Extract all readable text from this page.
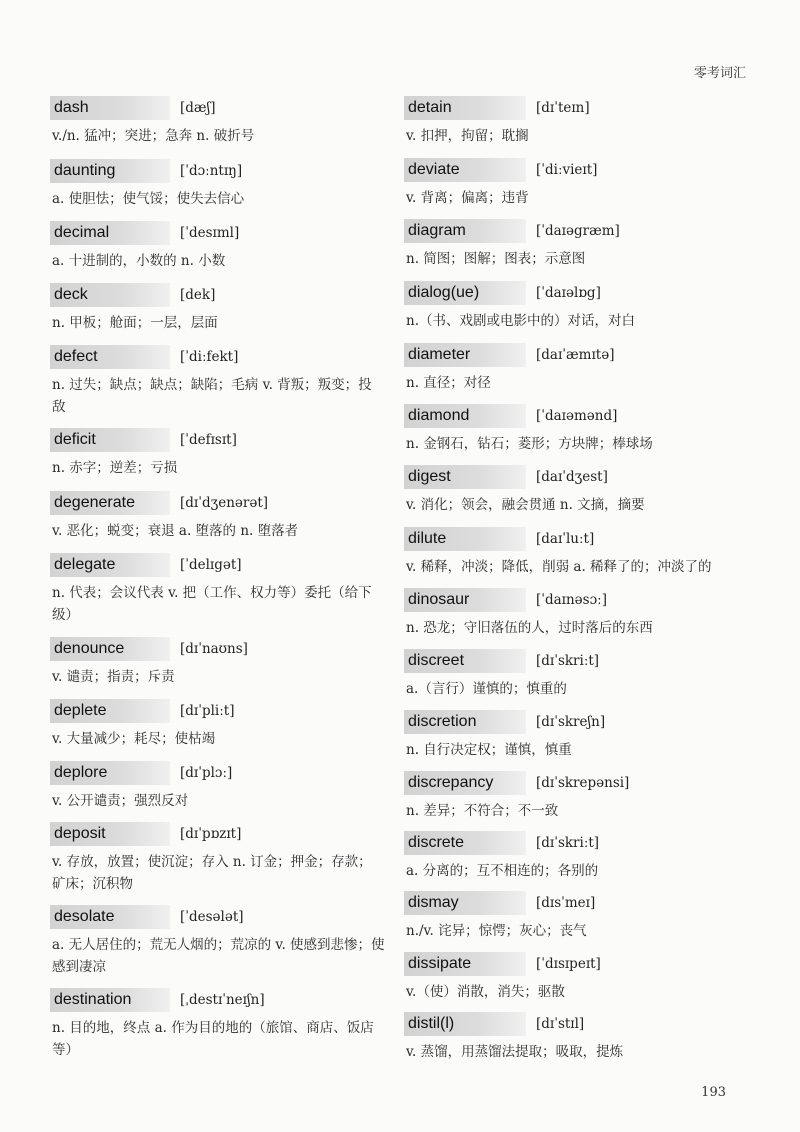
零考词汇
dash	[dæʃ]
v./n. 猛冲；突进；急奔 n. 破折号
daunting	[ˈdɔːntɪŋ]
a. 使胆怯；使气馁；使失去信心
decimal	[ˈdesɪml]
a. 十进制的，小数的 n. 小数
deck	[dek]
n. 甲板；舱面；一层，层面
defect	[ˈdiːfekt]
n. 过失；缺点；缺点；缺陷；毛病 v. 背叛；叛变；投敌
deficit	[ˈdefɪsɪt]
n. 赤字；逆差；亏损
degenerate	[dɪˈdʒenərət]
v. 恶化；蜕变；衰退 a. 堕落的 n. 堕落者
delegate	[ˈdelɪgət]
n. 代表；会议代表 v. 把（工作、权力等）委托（给下级）
denounce	[dɪˈnaʊns]
v. 谴责；指责；斥责
deplete	[dɪˈpliːt]
v. 大量减少；耗尽；使枯竭
deplore	[dɪˈplɔː]
v. 公开谴责；强烈反对
deposit	[dɪˈpɒzɪt]
v. 存放，放置；使沉淀；存入 n. 订金；押金；存款；矿床；沉积物
desolate	[ˈdesələt]
a. 无人居住的；荒无人烟的；荒凉的 v. 使感到悲惨；使感到凄凉
destination	[ˌdestɪˈneɪʃn]
n. 目的地，终点 a. 作为目的地的（旅馆、商店、饭店等）
detain	[dɪˈteɪn]
v. 扣押，拘留；耽搁
deviate	[ˈdiːvieɪt]
v. 背离；偏离；违背
diagram	[ˈdaɪəgræm]
n. 简图；图解；图表；示意图
dialog(ue)	[ˈdaɪəlɒg]
n.（书、戏剧或电影中的）对话，对白
diameter	[daɪˈæmɪtə]
n. 直径；对径
diamond	[ˈdaɪəmənd]
n. 金钢石，钻石；菱形；方块牌；棒球场
digest	[daɪˈdʒest]
v. 消化；领会，融会贯通 n. 文摘，摘要
dilute	[daɪˈluːt]
v. 稀释，冲淡；降低，削弱 a. 稀释了的；冲淡了的
dinosaur	[ˈdaɪnəsɔː]
n. 恐龙；守旧落伍的人，过时落后的东西
discreet	[dɪˈskriːt]
a.（言行）谨慎的；慎重的
discretion	[dɪˈskreʃn]
n. 自行决定权；谨慎，慎重
discrepancy	[dɪˈskrepənsi]
n. 差异；不符合；不一致
discrete	[dɪˈskriːt]
a. 分离的；互不相连的；各别的
dismay	[dɪsˈmeɪ]
n./v. 诧异；惊愕；灰心；丧气
dissipate	[ˈdɪsɪpeɪt]
v.（使）消散，消失；驱散
distil(l)	[dɪˈstɪl]
v. 蒸馏，用蒸馏法提取；吸取，提炼
193
